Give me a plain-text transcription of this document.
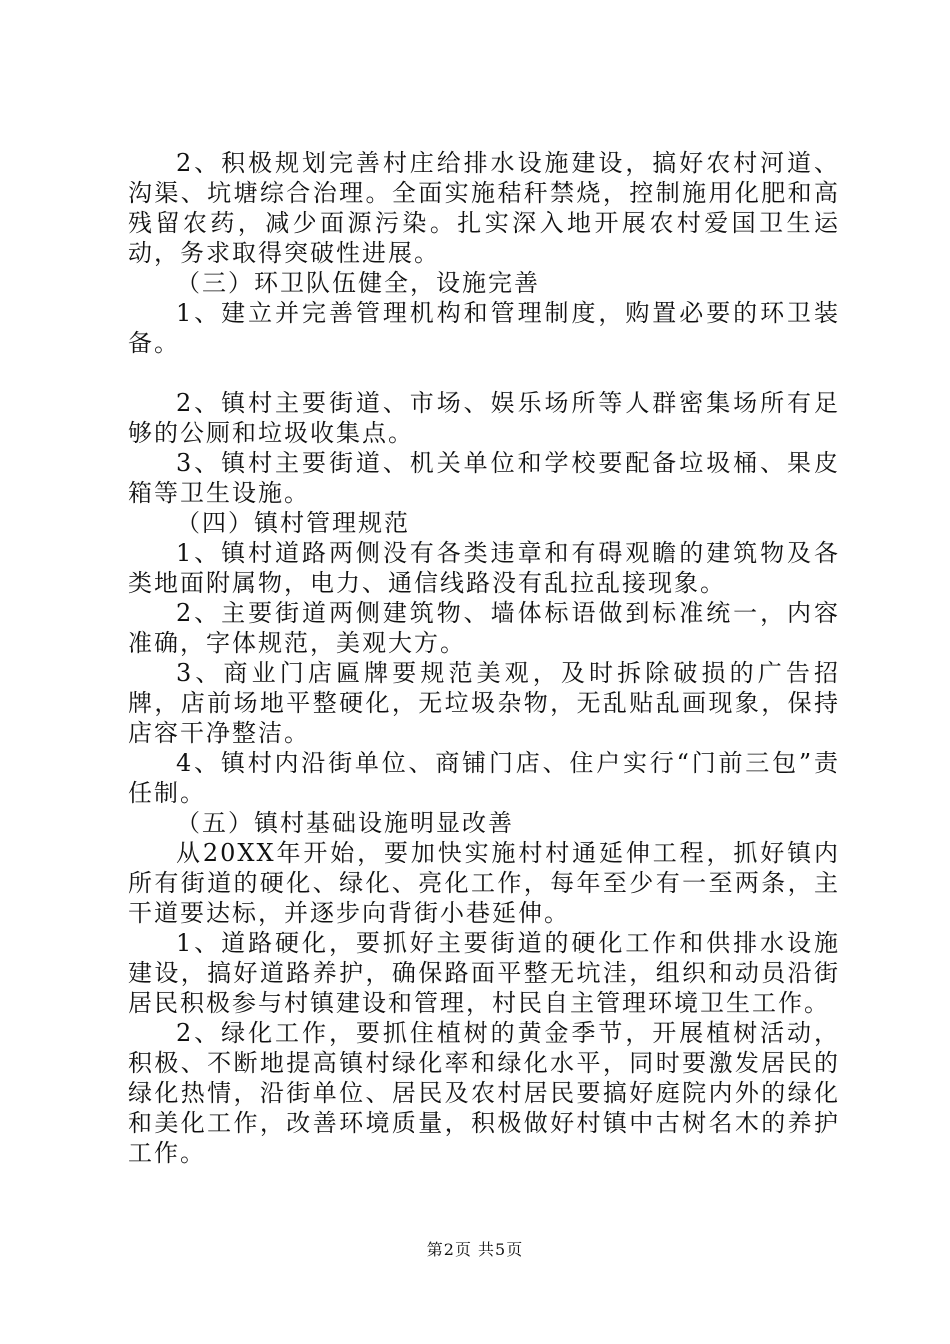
2、积极规划完善村庄给排水设施建设，搞好农村河道、沟渠、坑塘综合治理。全面实施秸秆禁烧，控制施用化肥和高残留农药，减少面源污染。扎实深入地开展农村爱国卫生运动，务求取得突破性进展。

（三）环卫队伍健全，设施完善

1、建立并完善管理机构和管理制度，购置必要的环卫装备。

2、镇村主要街道、市场、娱乐场所等人群密集场所有足够的公厕和垃圾收集点。

3、镇村主要街道、机关单位和学校要配备垃圾桶、果皮箱等卫生设施。

（四）镇村管理规范

1、镇村道路两侧没有各类违章和有碍观瞻的建筑物及各类地面附属物，电力、通信线路没有乱拉乱接现象。

2、主要街道两侧建筑物、墙体标语做到标准统一，内容准确，字体规范，美观大方。

3、商业门店匾牌要规范美观，及时拆除破损的广告招牌，店前场地平整硬化，无垃圾杂物，无乱贴乱画现象，保持店容干净整洁。

4、镇村内沿街单位、商铺门店、住户实行“门前三包”责任制。

（五）镇村基础设施明显改善

从20XX年开始，要加快实施村村通延伸工程，抓好镇内所有街道的硬化、绿化、亮化工作，每年至少有一至两条，主干道要达标，并逐步向背街小巷延伸。

1、道路硬化，要抓好主要街道的硬化工作和供排水设施建设，搞好道路养护，确保路面平整无坑洼，组织和动员沿街居民积极参与村镇建设和管理，村民自主管理环境卫生工作。

2、绿化工作，要抓住植树的黄金季节，开展植树活动，积极、不断地提高镇村绿化率和绿化水平，同时要激发居民的绿化热情，沿街单位、居民及农村居民要搞好庭院内外的绿化和美化工作，改善环境质量，积极做好村镇中古树名木的养护工作。

第2页 共5页
